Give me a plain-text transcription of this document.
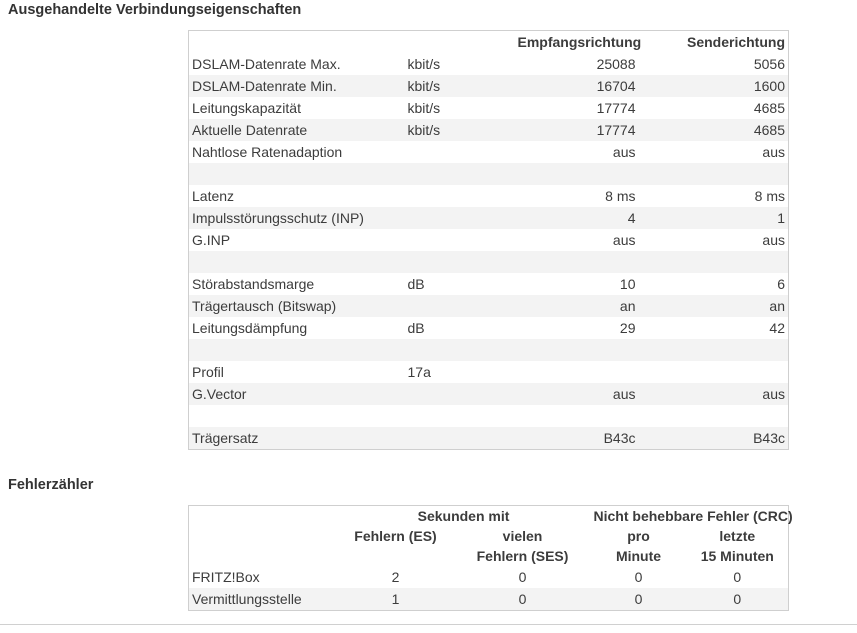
Ausgehandelte Verbindungseigenschaften
		Empfangsrichtung	Senderichtung
DSLAM-Datenrate Max.	kbit/s	25088	5056
DSLAM-Datenrate Min.	kbit/s	16704	1600
Leitungskapazität	kbit/s	17774	4685
Aktuelle Datenrate	kbit/s	17774	4685
Nahtlose Ratenadaption		aus	aus

Latenz		8 ms	8 ms
Impulsstörungsschutz (INP)		4	1
G.INP		aus	aus

Störabstandsmarge	dB	10	6
Trägertausch (Bitswap)		an	an
Leitungsdämpfung	dB	29	42

Profil	17a		
G.Vector		aus	aus

Trägersatz		B43c	B43c
Fehlerzähler
	Sekunden mit		Nicht behebbare Fehler (CRC)	
	Fehlern (ES)	vielen	pro	letzte
		Fehlern (SES)	Minute	15 Minuten
FRITZ!Box	2	0	0	0
Vermittlungsstelle	1	0	0	0
